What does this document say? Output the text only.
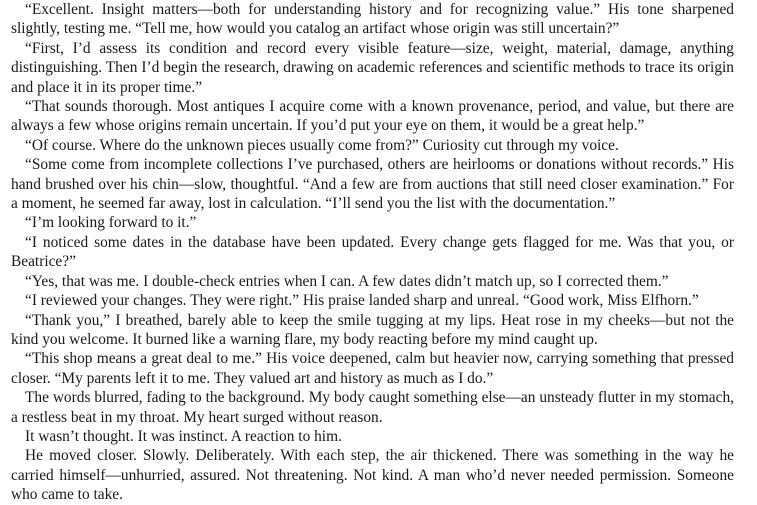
“Excellent. Insight matters—both for understanding history and for recognizing value.” His tone sharpened slightly, testing me. “Tell me, how would you catalog an artifact whose origin was still uncertain?”

“First, I’d assess its condition and record every visible feature—size, weight, material, damage, anything distinguishing. Then I’d begin the research, drawing on academic references and scientific methods to trace its origin and place it in its proper time.”

“That sounds thorough. Most antiques I acquire come with a known provenance, period, and value, but there are always a few whose origins remain uncertain. If you’d put your eye on them, it would be a great help.”

“Of course. Where do the unknown pieces usually come from?” Curiosity cut through my voice.

“Some come from incomplete collections I’ve purchased, others are heirlooms or donations without records.” His hand brushed over his chin—slow, thoughtful. “And a few are from auctions that still need closer examination.” For a moment, he seemed far away, lost in calculation. “I’ll send you the list with the documentation.”

“I’m looking forward to it.”

“I noticed some dates in the database have been updated. Every change gets flagged for me. Was that you, or Beatrice?”

“Yes, that was me. I double-check entries when I can. A few dates didn’t match up, so I corrected them.”

“I reviewed your changes. They were right.” His praise landed sharp and unreal. “Good work, Miss Elfhorn.”

“Thank you,” I breathed, barely able to keep the smile tugging at my lips. Heat rose in my cheeks—but not the kind you welcome. It burned like a warning flare, my body reacting before my mind caught up.

“This shop means a great deal to me.” His voice deepened, calm but heavier now, carrying something that pressed closer. “My parents left it to me. They valued art and history as much as I do.”

The words blurred, fading to the background. My body caught something else—an unsteady flutter in my stomach, a restless beat in my throat. My heart surged without reason.

It wasn’t thought. It was instinct. A reaction to him.

He moved closer. Slowly. Deliberately. With each step, the air thickened. There was something in the way he carried himself—unhurried, assured. Not threatening. Not kind. A man who’d never needed permission. Someone who came to take.
